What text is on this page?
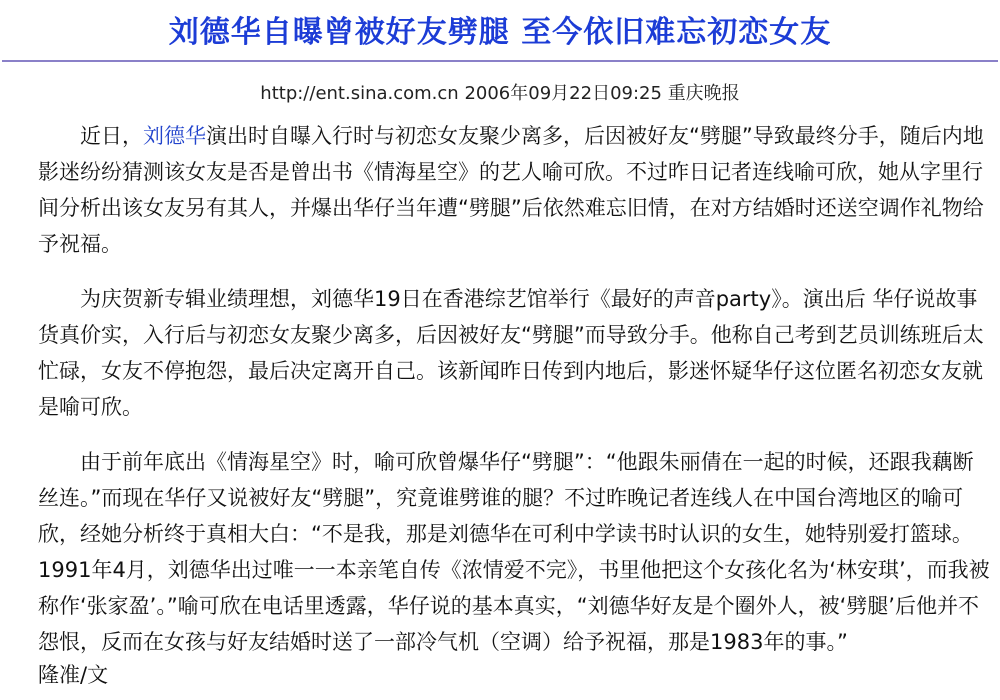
刘德华自曝曾被好友劈腿 至今依旧难忘初恋女友
http://ent.sina.com.cn 2006年09月22日09:25 重庆晚报

近日，刘德华演出时自曝入行时与初恋女友聚少离多，后因被好友“劈腿”导致最终分手，随后内地影迷纷纷猜测该女友是否是曾出书《情海星空》的艺人喻可欣。不过昨日记者连线喻可欣，她从字里行间分析出该女友另有其人，并爆出华仔当年遭“劈腿”后依然难忘旧情，在对方结婚时还送空调作礼物给予祝福。

为庆贺新专辑业绩理想，刘德华19日在香港综艺馆举行《最好的声音party》。演出后 华仔说故事货真价实，入行后与初恋女友聚少离多，后因被好友“劈腿”而导致分手。他称自己考到艺员训练班后太忙碌，女友不停抱怨，最后决定离开自己。该新闻昨日传到内地后，影迷怀疑华仔这位匿名初恋女友就是喻可欣。

由于前年底出《情海星空》时，喻可欣曾爆华仔“劈腿”：“他跟朱丽倩在一起的时候，还跟我藕断丝连。”而现在华仔又说被好友“劈腿”，究竟谁劈谁的腿？不过昨晚记者连线人在中国台湾地区的喻可欣，经她分析终于真相大白：“不是我，那是刘德华在可利中学读书时认识的女生，她特别爱打篮球。1991年4月，刘德华出过唯一一本亲笔自传《浓情爱不完》，书里他把这个女孩化名为‘林安琪’，而我被称作‘张家盈’。”喻可欣在电话里透露，华仔说的基本真实，“刘德华好友是个圈外人，被‘劈腿’后他并不怨恨，反而在女孩与好友结婚时送了一部冷气机（空调）给予祝福，那是1983年的事。”

隆准/文
